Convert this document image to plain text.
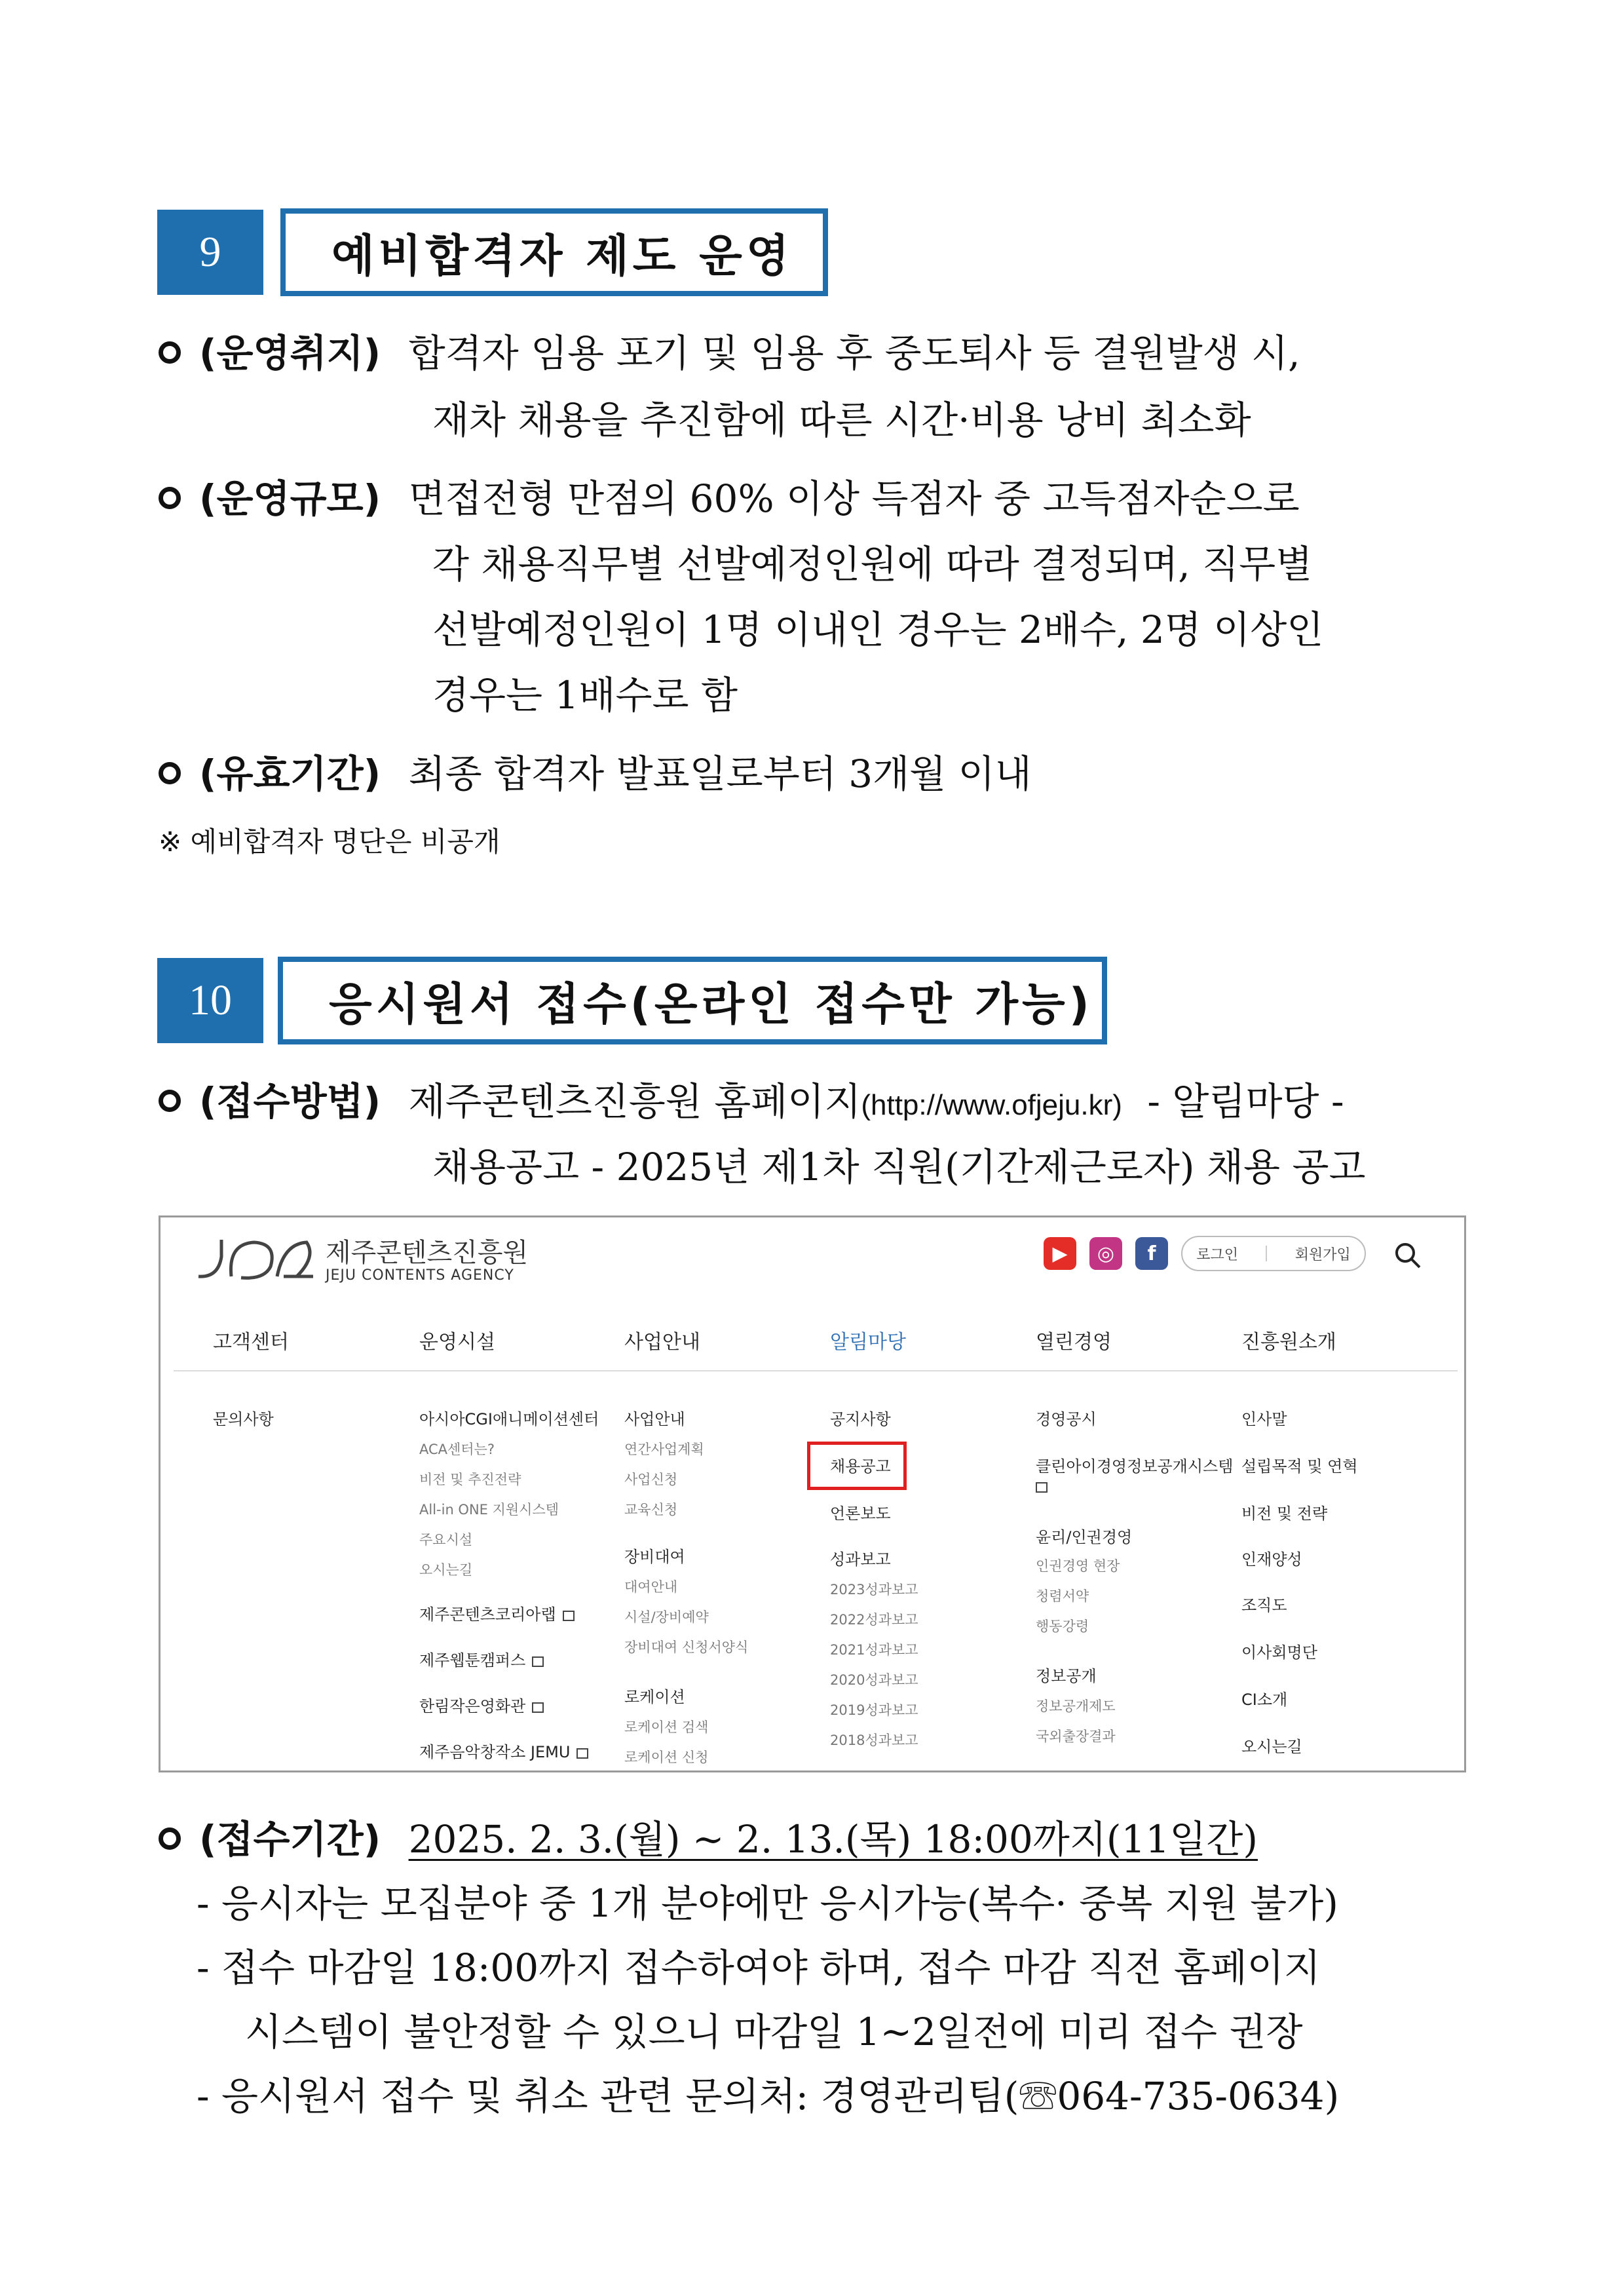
9	예비합격자 제도 운영
(운영취지) 합격자 임용 포기 및 임용 후 중도퇴사 등 결원발생 시,
재차 채용을 추진함에 따른 시간·비용 낭비 최소화
(운영규모) 면접전형 만점의 60% 이상 득점자 중 고득점자순으로
각 채용직무별 선발예정인원에 따라 결정되며, 직무별
선발예정인원이 1명 이내인 경우는 2배수, 2명 이상인
경우는 1배수로 함
(유효기간) 최종 합격자 발표일로부터 3개월 이내
※ 예비합격자 명단은 비공개
10	응시원서 접수(온라인 접수만 가능)
(접수방법) 제주콘텐츠진흥원 홈페이지(http://www.ofjeju.kr) - 알림마당 -
채용공고 - 2025년 제1차 직원(기간제근로자) 채용 공고
제주콘텐츠진흥원
JEJU CONTENTS AGENCY
▶	◎	f	로그인	회원가입
고객센터	운영시설	사업안내	알림마당	열린경영	진흥원소개
문의사항	아시아CGI애니메이션센터
ACA센터는?
비전 및 추진전략
All-in ONE 지원시스템
주요시설
오시는길
제주콘텐츠코리아랩
제주웹툰캠퍼스
한림작은영화관
제주음악창작소 JEMU
사업안내
연간사업계획
사업신청
교육신청
장비대여
대여안내
시설/장비예약
장비대여 신청서양식
로케이션
로케이션 검색
로케이션 신청
공지사항
채용공고
언론보도
성과보고
2023성과보고
2022성과보고
2021성과보고
2020성과보고
2019성과보고
2018성과보고
경영공시
클린아이경영정보공개시스템
윤리/인권경영
인권경영 현장
청렴서약
행동강령
정보공개
정보공개제도
국외출장결과
인사말
설립목적 및 연혁
비전 및 전략
인재양성
조직도
이사회명단
CI소개
오시는길
(접수기간) 2025. 2. 3.(월) ~ 2. 13.(목) 18:00까지(11일간)
- 응시자는 모집분야 중 1개 분야에만 응시가능(복수· 중복 지원 불가)
- 접수 마감일 18:00까지 접수하여야 하며, 접수 마감 직전 홈페이지
시스템이 불안정할 수 있으니 마감일 1~2일전에 미리 접수 권장
- 응시원서 접수 및 취소 관련 문의처: 경영관리팀(☏064-735-0634)
